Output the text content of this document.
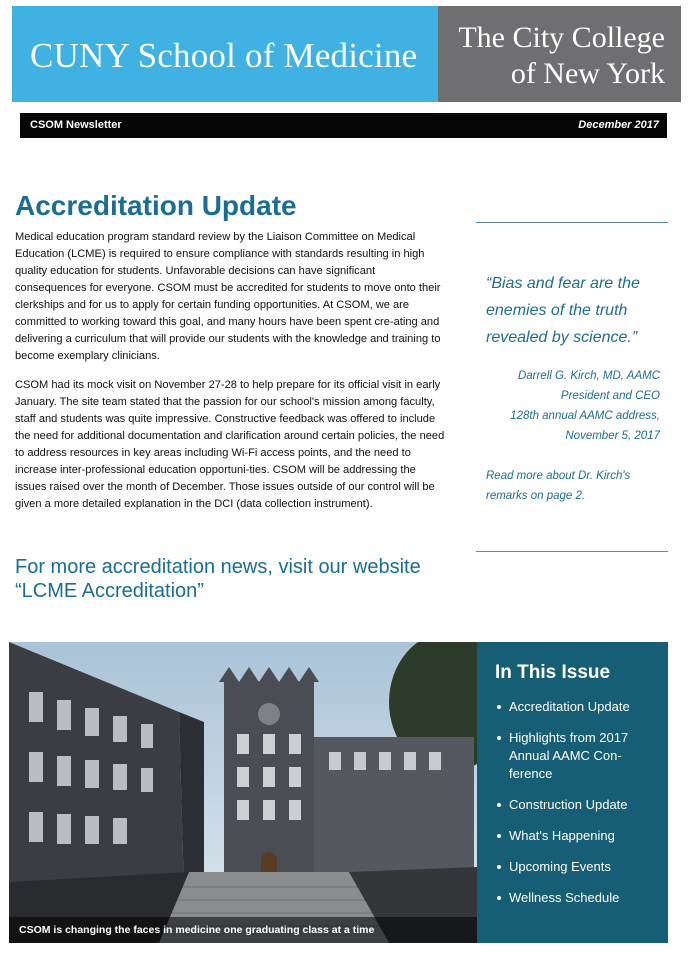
CUNY School of Medicine The City College
of New York
CSOM Newsletter	December 2017
Accreditation Update

Medical education program standard review by the Liaison Committee on Medical Education (LCME) is required to ensure compliance with standards resulting in high quality education for students. Unfavorable decisions can have significant consequences for everyone. CSOM must be accredited for students to move onto their clerkships and for us to apply for certain funding opportunities. At CSOM, we are committed to working toward this goal, and many hours have been spent cre-ating and delivering a curriculum that will provide our students with the knowledge and training to become exemplary clinicians.

CSOM had its mock visit on November 27-28 to help prepare for its official visit in early January. The site team stated that the passion for our school's mission among faculty, staff and students was quite impressive. Constructive feedback was offered to include the need for additional documentation and clarification around certain policies, the need to address resources in key areas including Wi-Fi access points, and the need to increase inter-professional education opportuni-ties. CSOM will be addressing the issues raised over the month of December. Those issues outside of our control will be given a more detailed explanation in the DCI (data collection instrument).

For more accreditation news, visit our website “LCME Accreditation”
“Bias and fear are the enemies of the truth revealed by science.”
Darrell G. Kirch, MD, AAMC
President and CEO
128th annual AAMC address,
November 5, 2017
Read more about Dr. Kirch's remarks on page 2.
CSOM is changing the faces in medicine one graduating class at a time
In This Issue
Accreditation Update
Highlights from 2017 Annual AAMC Con-ference
Construction Update
What's Happening
Upcoming Events
Wellness Schedule
